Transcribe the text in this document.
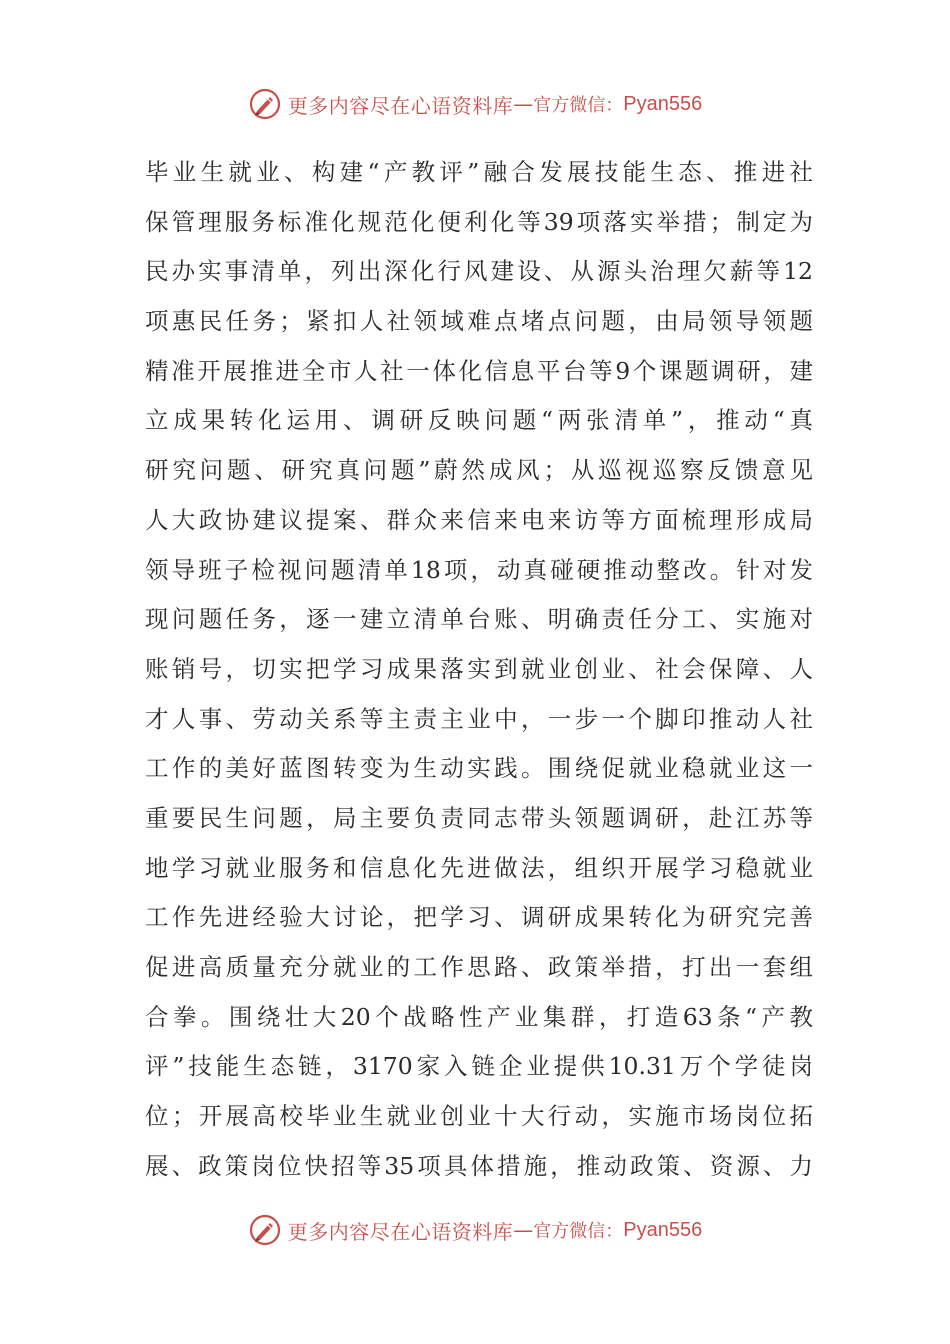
更多内容尽在心语资料库 — 官方微信： Pyan556
毕业生就业、构建“产教评”融合发展技能生态、推进社
保管理服务标准化规范化便利化等39项落实举措；制定为
民办实事清单，列出深化行风建设、从源头治理欠薪等12
项惠民任务；紧扣人社领域难点堵点问题，由局领导领题
精准开展推进全市人社一体化信息平台等9个课题调研，建
立成果转化运用、调研反映问题“两张清单”，推动“真
研究问题、研究真问题”蔚然成风；从巡视巡察反馈意见
人大政协建议提案、群众来信来电来访等方面梳理形成局
领导班子检视问题清单18项，动真碰硬推动整改。针对发
现问题任务，逐一建立清单台账、明确责任分工、实施对
账销号，切实把学习成果落实到就业创业、社会保障、人
才人事、劳动关系等主责主业中，一步一个脚印推动人社
工作的美好蓝图转变为生动实践。围绕促就业稳就业这一
重要民生问题，局主要负责同志带头领题调研，赴江苏等
地学习就业服务和信息化先进做法，组织开展学习稳就业
工作先进经验大讨论，把学习、调研成果转化为研究完善
促进高质量充分就业的工作思路、政策举措，打出一套组
合拳。围绕壮大20个战略性产业集群，打造63条“产教
评”技能生态链，3170家入链企业提供10.31万个学徒岗
位；开展高校毕业生就业创业十大行动，实施市场岗位拓
展、政策岗位快招等35项具体措施，推动政策、资源、力
更多内容尽在心语资料库 — 官方微信： Pyan556
